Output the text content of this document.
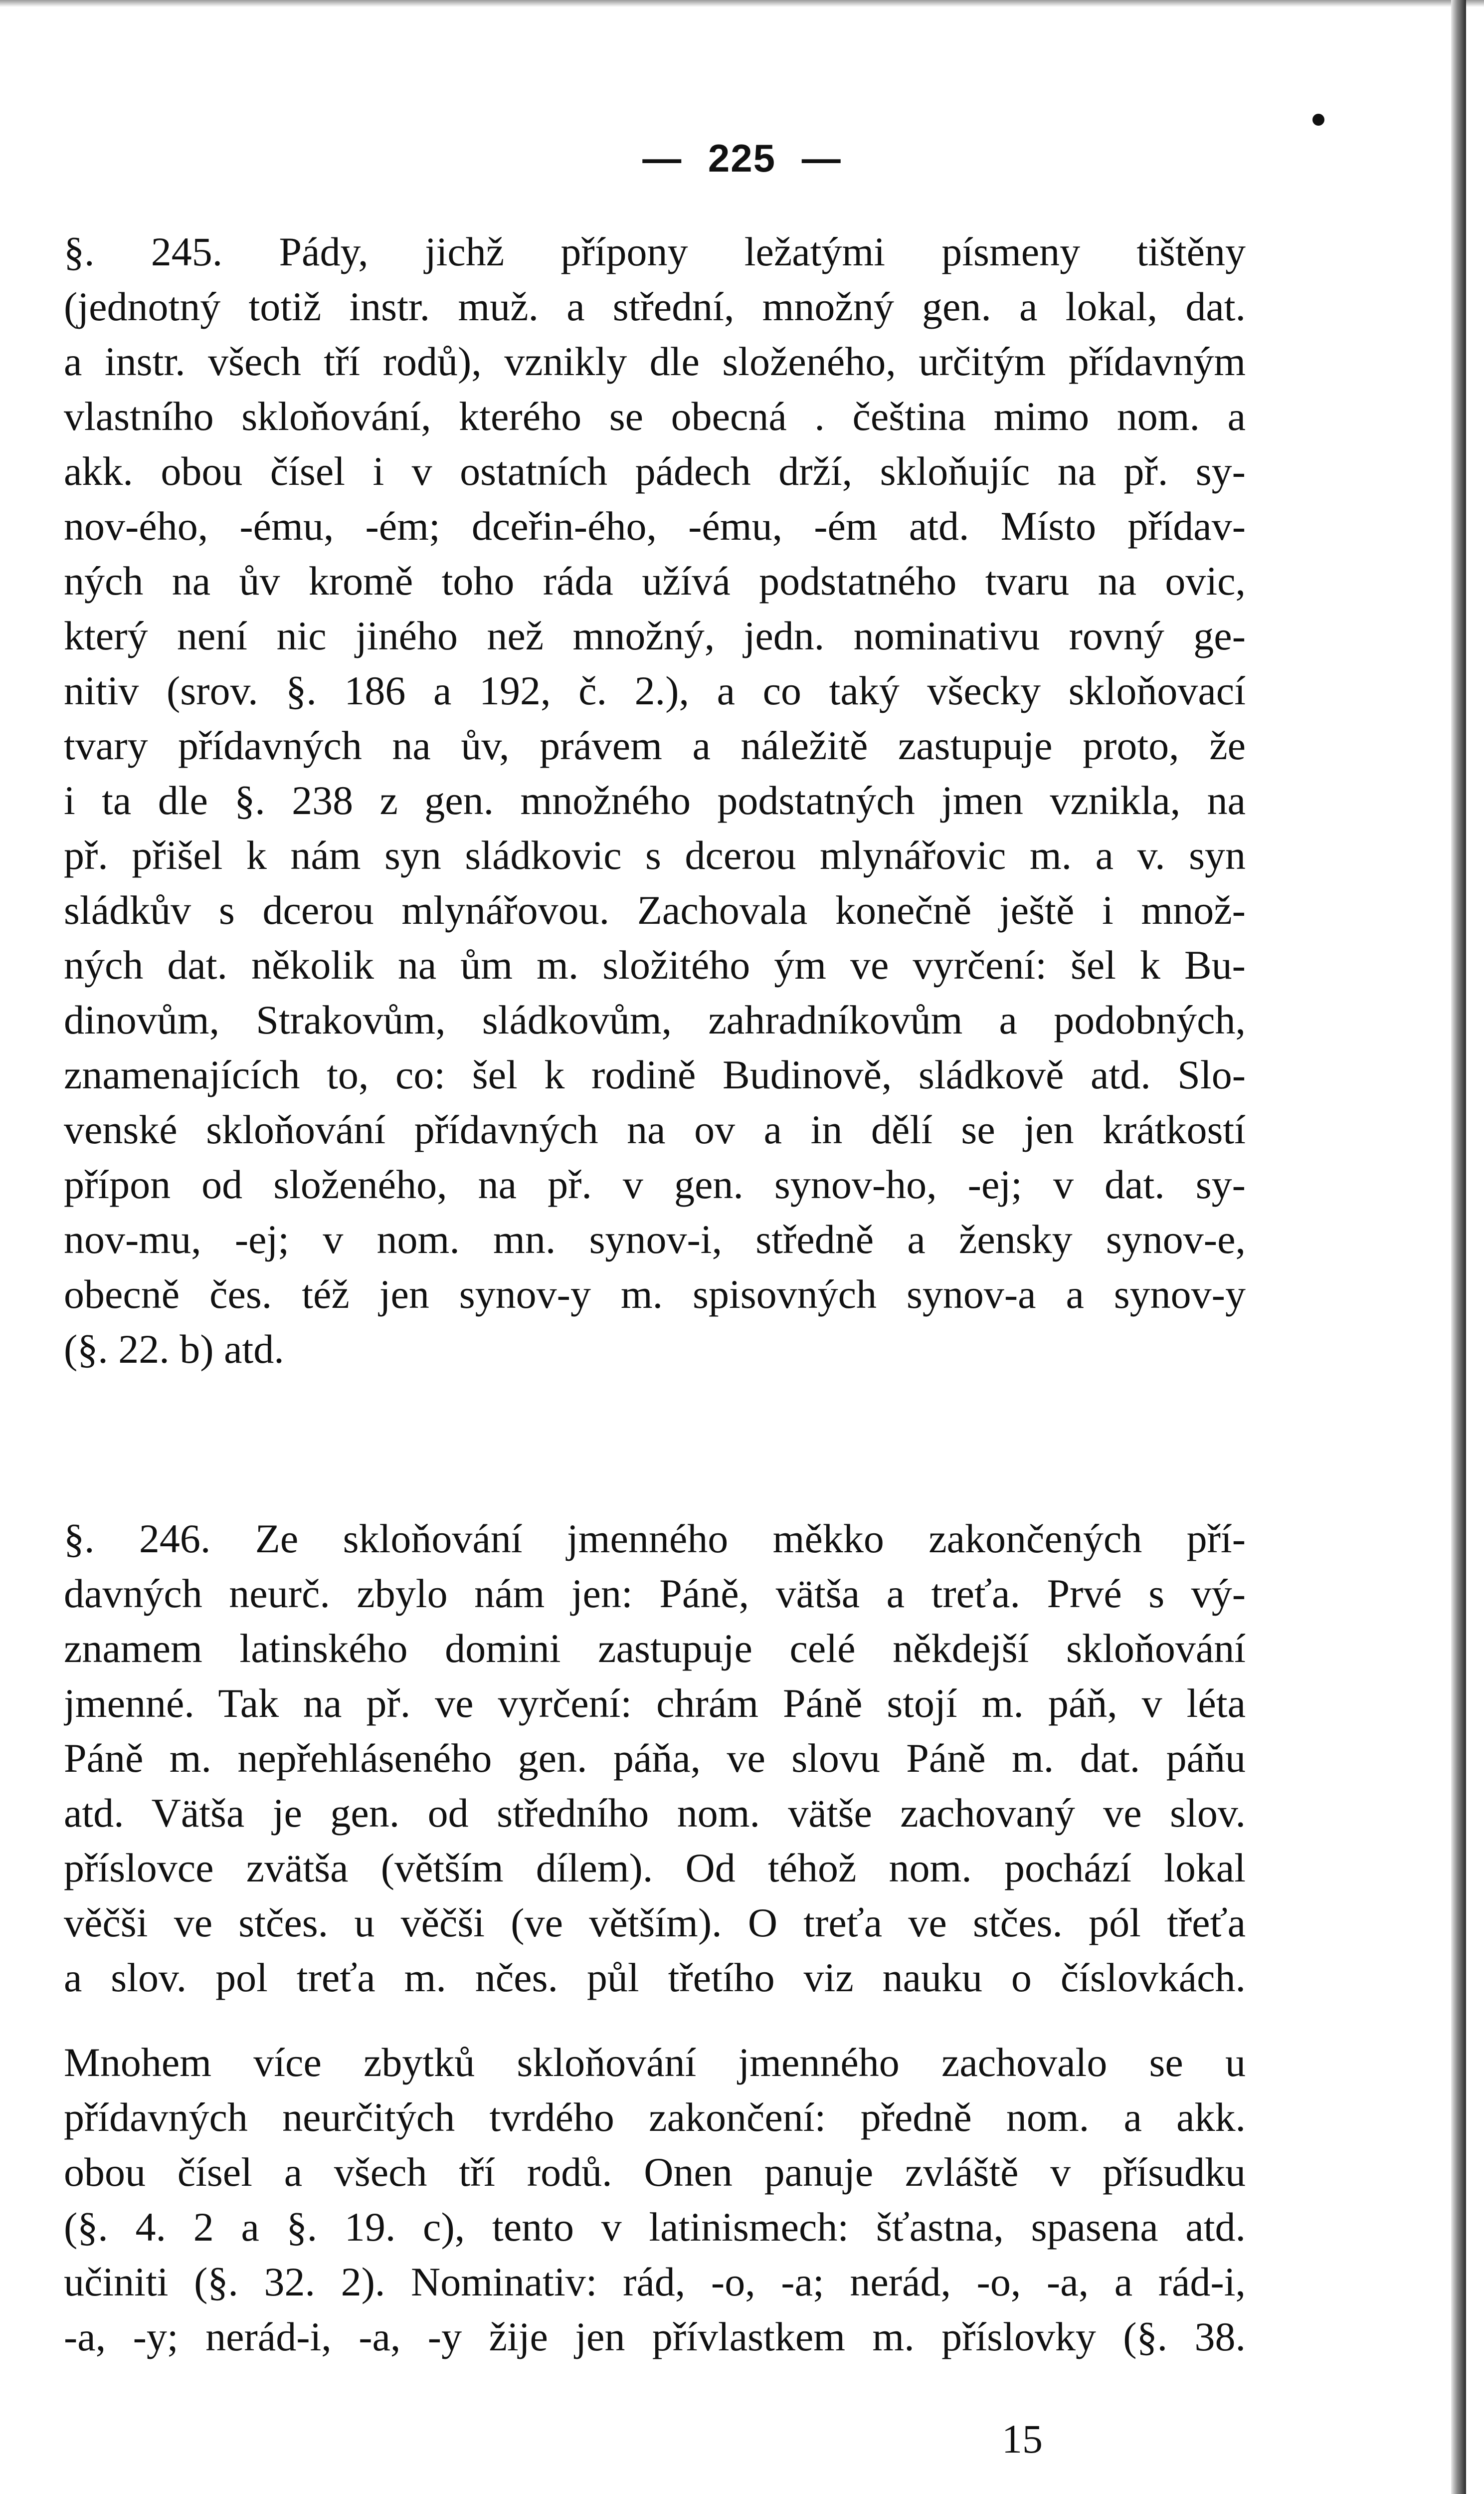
— 225 —
§. 245. Pády, jichž přípony ležatými písmeny tištěny
(jednotný totiž instr. muž. a střední, množný gen. a lokal, dat.
a instr. všech tří rodů), vznikly dle složeného, určitým přídavným
vlastního skloňování, kterého se obecná . čeština mimo nom. a
akk. obou čísel i v ostatních pádech drží, skloňujíc na př. sy-
nov-ého, -ému, -ém; dceřin-ého, -ému, -ém atd. Místo přídav-
ných na ův kromě toho ráda užívá podstatného tvaru na ovic,
který není nic jiného než množný, jedn. nominativu rovný ge-
nitiv (srov. §. 186 a 192, č. 2.), a co taký všecky skloňovací
tvary přídavných na ův, právem a náležitě zastupuje proto, že
i ta dle §. 238 z gen. množného podstatných jmen vznikla, na
př. přišel k nám syn sládkovic s dcerou mlynářovic m. a v. syn
sládkův s dcerou mlynářovou. Zachovala konečně ještě i množ-
ných dat. několik na ům m. složitého ým ve vyrčení: šel k Bu-
dinovům, Strakovům, sládkovům, zahradníkovům a podobných,
znamenajících to, co: šel k rodině Budinově, sládkově atd. Slo-
venské skloňování přídavných na ov a in dělí se jen krátkostí
přípon od složeného, na př. v gen. synov-ho, -ej; v dat. sy-
nov-mu, -ej; v nom. mn. synov-i, středně a žensky synov-e,
obecně čes. též jen synov-y m. spisovných synov-a a synov-y
(§. 22. b) atd.
§. 246. Ze skloňování jmenného měkko zakončených pří-
davných neurč. zbylo nám jen: Páně, vätša a treťa. Prvé s vý-
znamem latinského domini zastupuje celé někdejší skloňování
jmenné. Tak na př. ve vyrčení: chrám Páně stojí m. páň, v léta
Páně m. nepřehláseného gen. páňa, ve slovu Páně m. dat. páňu
atd. Vätša je gen. od středního nom. vätše zachovaný ve slov.
příslovce zvätša (větším dílem). Od téhož nom. pochází lokal
věčši ve stčes. u věčši (ve větším). O treťa ve stčes. pól třeťa
a slov. pol treťa m. nčes. půl třetího viz nauku o číslovkách.
Mnohem více zbytků skloňování jmenného zachovalo se u
přídavných neurčitých tvrdého zakončení: předně nom. a akk.
obou čísel a všech tří rodů. Onen panuje zvláště v přísudku
(§. 4. 2 a §. 19. c), tento v latinismech: šťastna, spasena atd.
učiniti (§. 32. 2). Nominativ: rád, -o, -a; nerád, -o, -a, a rád-i,
-a, -y; nerád-i, -a, -y žije jen přívlastkem m. příslovky (§. 38.
15
